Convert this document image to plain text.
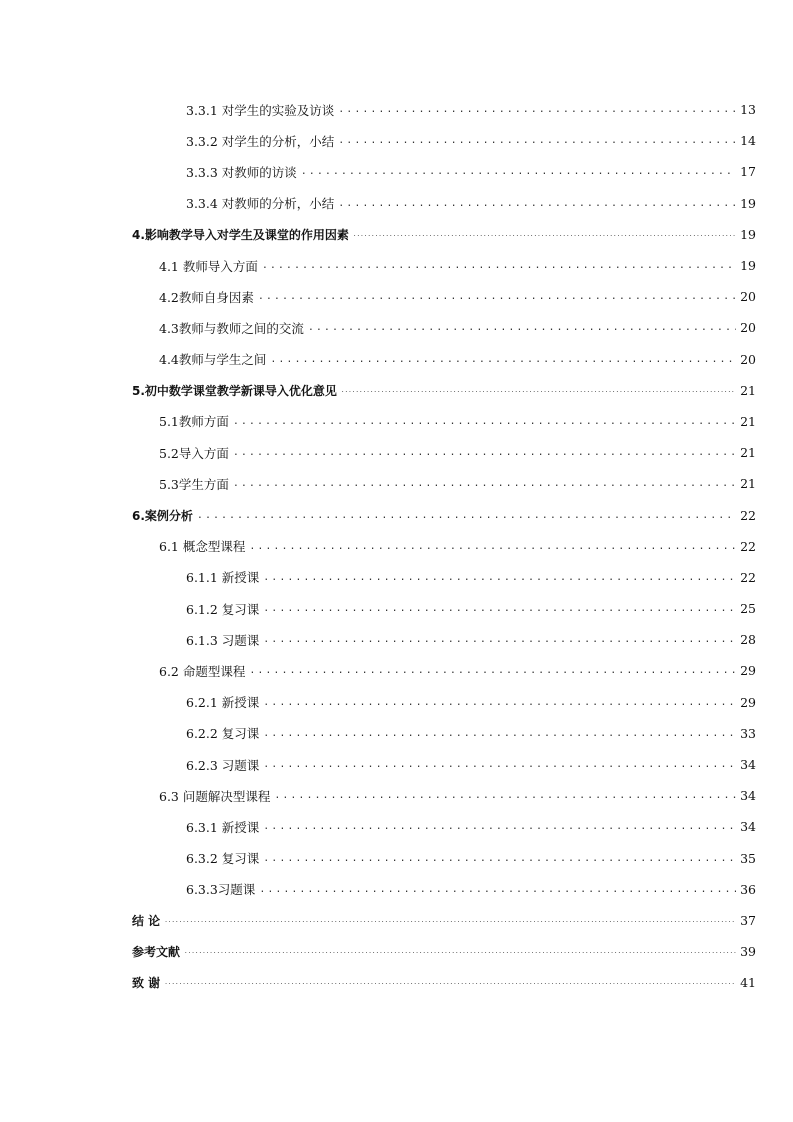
3.3.1 对学生的实验及访谈 .....	13
3.3.2 对学生的分析，小结 .....	14
3.3.3 对教师的访谈 .....	17
3.3.4 对教师的分析，小结 .....	19
4.影响教学导入对学生及课堂的作用因素 .....	19
4.1 教师导入方面 .....	19
4.2教师自身因素 .....	20
4.3教师与教师之间的交流 .....	20
4.4教师与学生之间 .....	20
5.初中数学课堂教学新课导入优化意见 .....	21
5.1教师方面 .....	21
5.2导入方面 .....	21
5.3学生方面 .....	21
6.案例分析 .....	22
6.1 概念型课程 .....	22
6.1.1 新授课 .....	22
6.1.2 复习课 .....	25
6.1.3 习题课 .....	28
6.2 命题型课程 .....	29
6.2.1 新授课 .....	29
6.2.2 复习课 .....	33
6.2.3 习题课 .....	34
6.3 问题解决型课程 .....	34
6.3.1 新授课 .....	34
6.3.2 复习课 .....	35
6.3.3习题课 .....	36
结 论 .....	37
参考文献 .....	39
致 谢 .....	41
